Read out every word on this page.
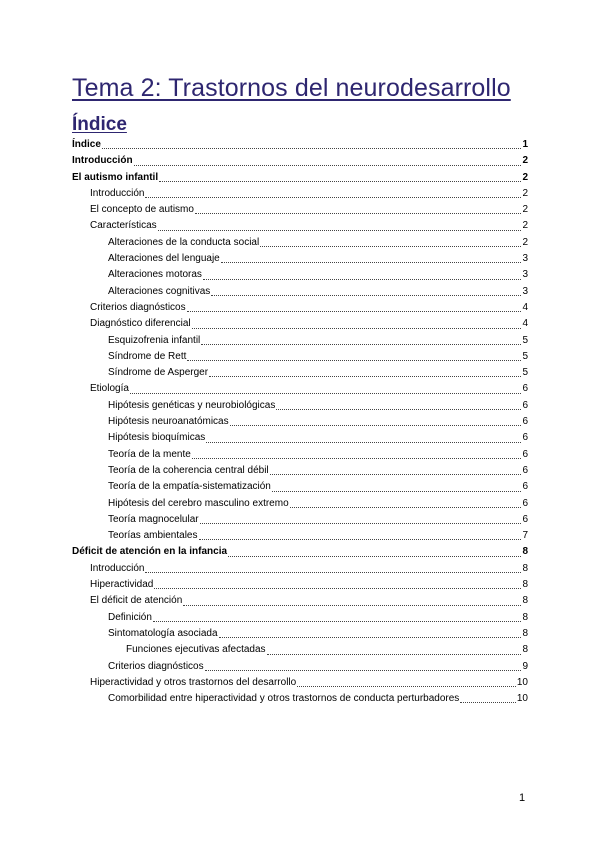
Tema 2: Trastornos del neurodesarrollo
Índice
Índice	1
Introducción	2
El autismo infantil	2
Introducción	2
El concepto de autismo	2
Características	2
Alteraciones de la conducta social	2
Alteraciones del lenguaje	3
Alteraciones motoras	3
Alteraciones cognitivas	3
Criterios diagnósticos	4
Diagnóstico diferencial	4
Esquizofrenia infantil	5
Síndrome de Rett	5
Síndrome de Asperger	5
Etiología	6
Hipótesis genéticas y neurobiológicas	6
Hipótesis neuroanatómicas	6
Hipótesis bioquímicas	6
Teoría de la mente	6
Teoría de la coherencia central débil	6
Teoría de la empatía-sistematización	6
Hipótesis del cerebro masculino extremo	6
Teoría magnocelular	6
Teorías ambientales	7
Déficit de atención en la infancia	8
Introducción	8
Hiperactividad	8
El déficit de atención	8
Definición	8
Sintomatología asociada	8
Funciones ejecutivas afectadas	8
Criterios diagnósticos	9
Hiperactividad y otros trastornos del desarrollo	10
Comorbilidad entre hiperactividad y otros trastornos de conducta perturbadores	10
1
